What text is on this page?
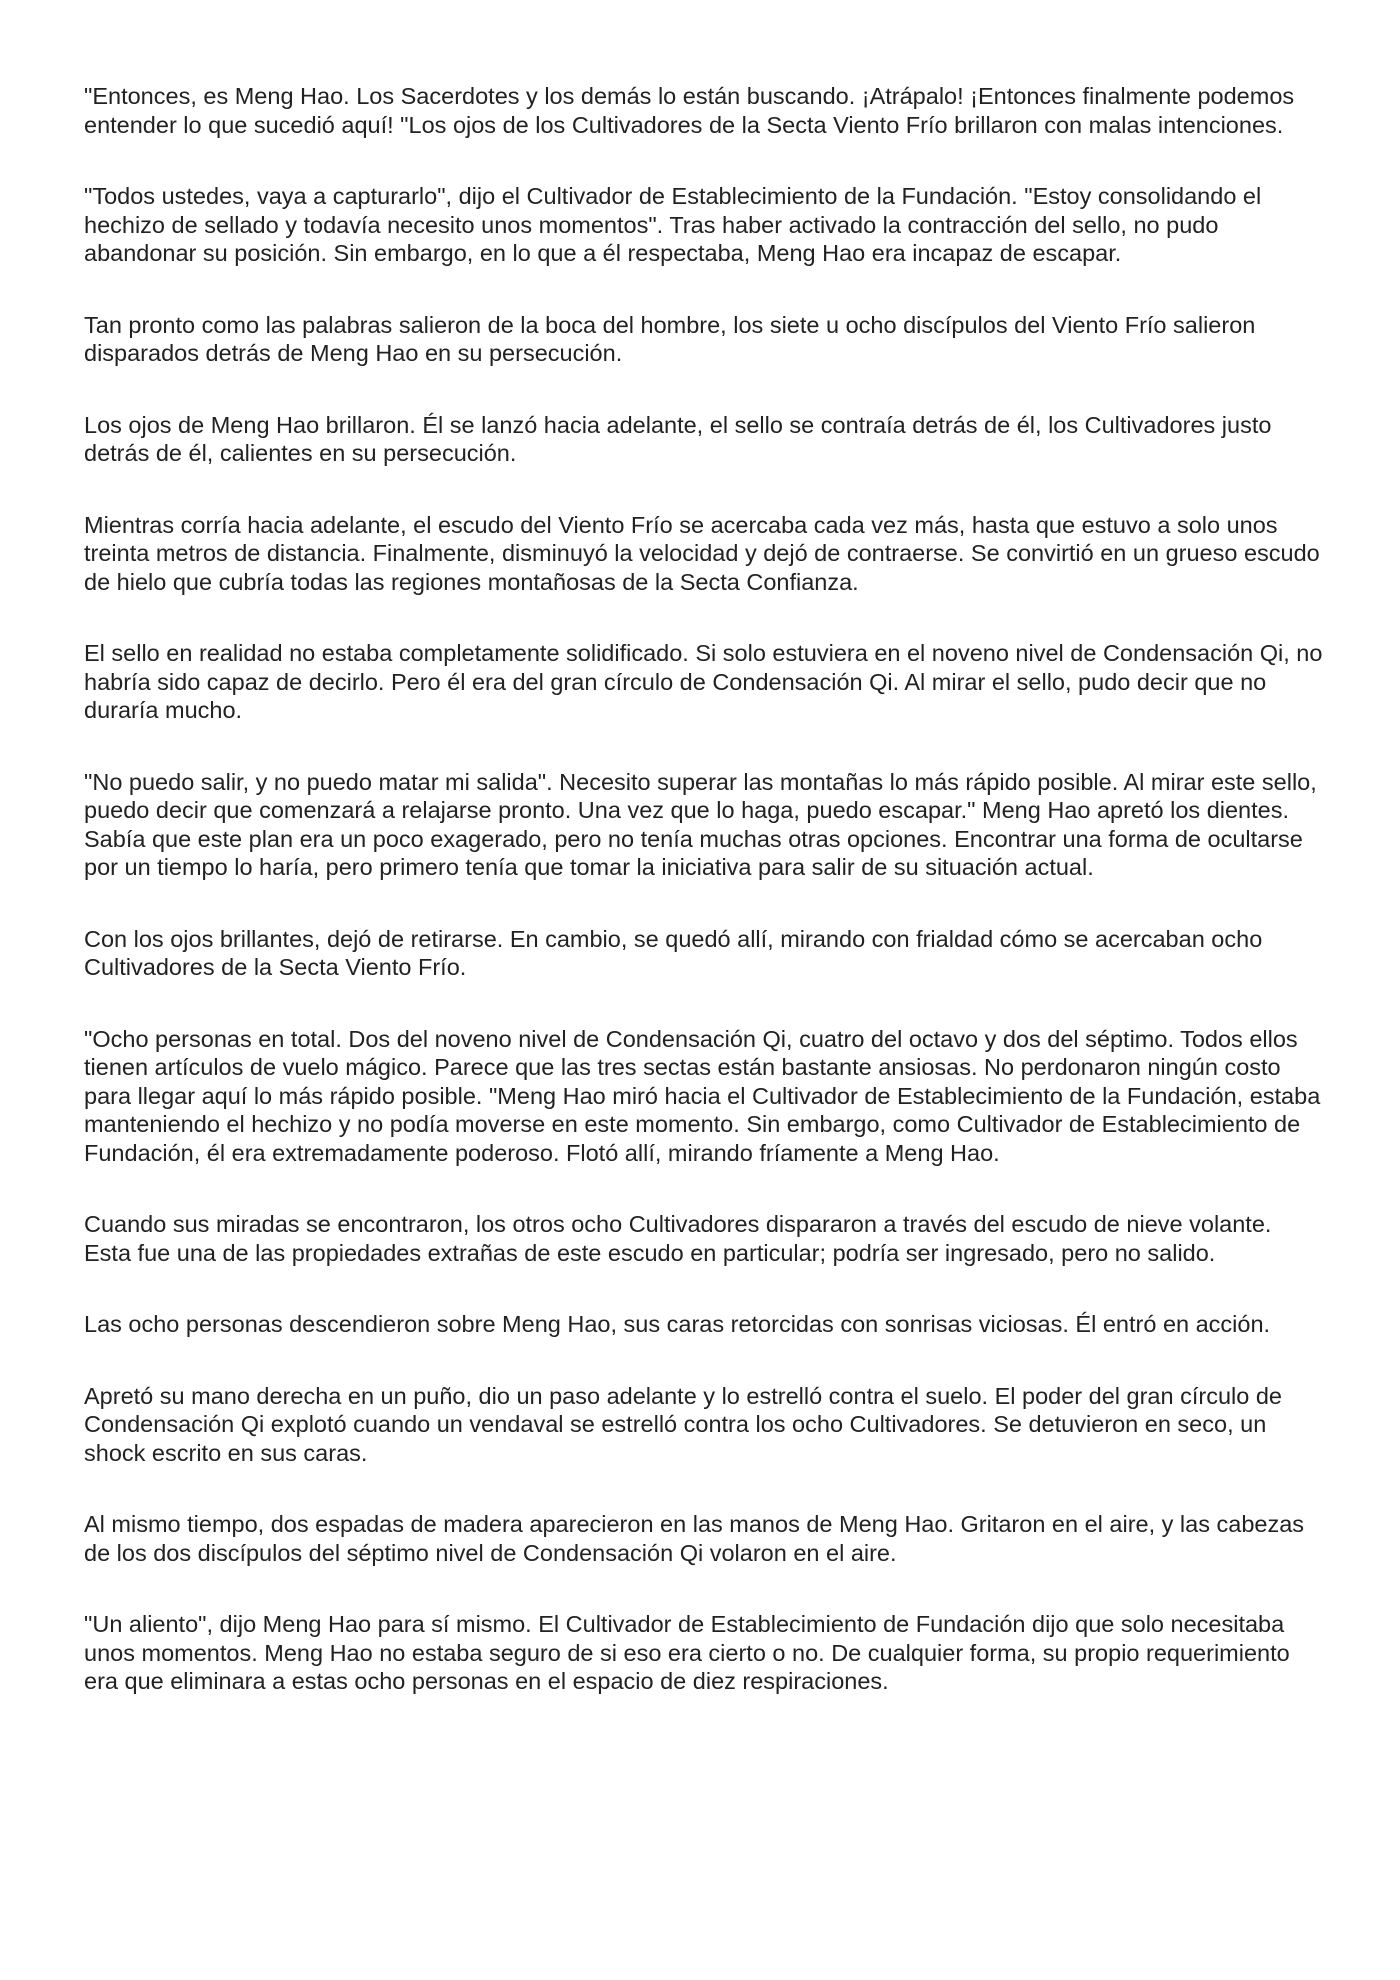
"Entonces, es Meng Hao. Los Sacerdotes y los demás lo están buscando. ¡Atrápalo! ¡Entonces finalmente podemos entender lo que sucedió aquí! "Los ojos de los Cultivadores de la Secta Viento Frío brillaron con malas intenciones.

"Todos ustedes, vaya a capturarlo", dijo el Cultivador de Establecimiento de la Fundación. "Estoy consolidando el hechizo de sellado y todavía necesito unos momentos". Tras haber activado la contracción del sello, no pudo abandonar su posición. Sin embargo, en lo que a él respectaba, Meng Hao era incapaz de escapar.

Tan pronto como las palabras salieron de la boca del hombre, los siete u ocho discípulos del Viento Frío salieron disparados detrás de Meng Hao en su persecución.

Los ojos de Meng Hao brillaron. Él se lanzó hacia adelante, el sello se contraía detrás de él, los Cultivadores justo detrás de él, calientes en su persecución.

Mientras corría hacia adelante, el escudo del Viento Frío se acercaba cada vez más, hasta que estuvo a solo unos treinta metros de distancia. Finalmente, disminuyó la velocidad y dejó de contraerse. Se convirtió en un grueso escudo de hielo que cubría todas las regiones montañosas de la Secta Confianza.

El sello en realidad no estaba completamente solidificado. Si solo estuviera en el noveno nivel de Condensación Qi, no habría sido capaz de decirlo. Pero él era del gran círculo de Condensación Qi. Al mirar el sello, pudo decir que no duraría mucho.

"No puedo salir, y no puedo matar mi salida". Necesito superar las montañas lo más rápido posible. Al mirar este sello, puedo decir que comenzará a relajarse pronto. Una vez que lo haga, puedo escapar." Meng Hao apretó los dientes. Sabía que este plan era un poco exagerado, pero no tenía muchas otras opciones. Encontrar una forma de ocultarse por un tiempo lo haría, pero primero tenía que tomar la iniciativa para salir de su situación actual.

Con los ojos brillantes, dejó de retirarse. En cambio, se quedó allí, mirando con frialdad cómo se acercaban ocho Cultivadores de la Secta Viento Frío.

"Ocho personas en total. Dos del noveno nivel de Condensación Qi, cuatro del octavo y dos del séptimo. Todos ellos tienen artículos de vuelo mágico. Parece que las tres sectas están bastante ansiosas. No perdonaron ningún costo para llegar aquí lo más rápido posible. "Meng Hao miró hacia el Cultivador de Establecimiento de la Fundación, estaba manteniendo el hechizo y no podía moverse en este momento. Sin embargo, como Cultivador de Establecimiento de Fundación, él era extremadamente poderoso. Flotó allí, mirando fríamente a Meng Hao.

Cuando sus miradas se encontraron, los otros ocho Cultivadores dispararon a través del escudo de nieve volante. Esta fue una de las propiedades extrañas de este escudo en particular; podría ser ingresado, pero no salido.

Las ocho personas descendieron sobre Meng Hao, sus caras retorcidas con sonrisas viciosas. Él entró en acción.

Apretó su mano derecha en un puño, dio un paso adelante y lo estrelló contra el suelo. El poder del gran círculo de Condensación Qi explotó cuando un vendaval se estrelló contra los ocho Cultivadores. Se detuvieron en seco, un shock escrito en sus caras.

Al mismo tiempo, dos espadas de madera aparecieron en las manos de Meng Hao. Gritaron en el aire, y las cabezas de los dos discípulos del séptimo nivel de Condensación Qi volaron en el aire.

"Un aliento", dijo Meng Hao para sí mismo. El Cultivador de Establecimiento de Fundación dijo que solo necesitaba unos momentos. Meng Hao no estaba seguro de si eso era cierto o no. De cualquier forma, su propio requerimiento era que eliminara a estas ocho personas en el espacio de diez respiraciones.
